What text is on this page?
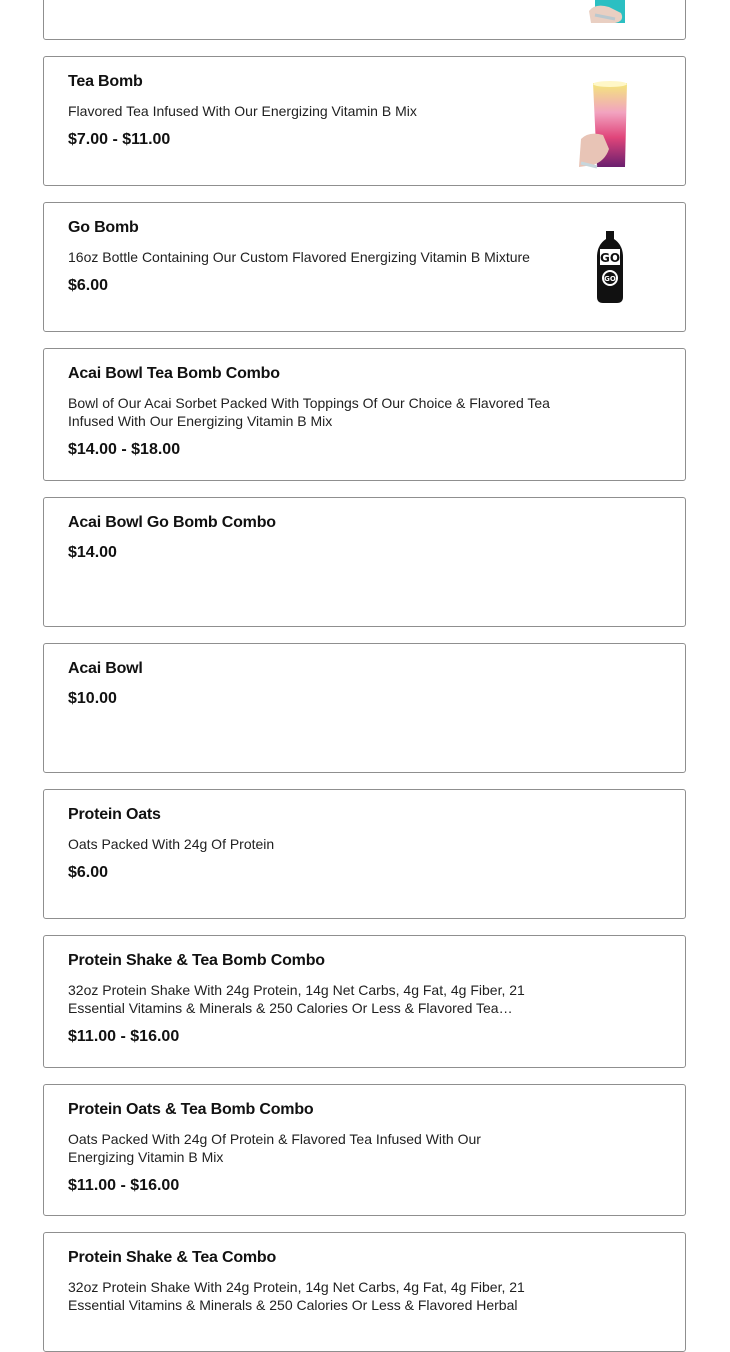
Tea Bomb
Flavored Tea Infused With Our Energizing Vitamin B Mix
$7.00 - $11.00
Go Bomb
16oz Bottle Containing Our Custom Flavored Energizing Vitamin B Mixture
$6.00
GO
GO
Acai Bowl Tea Bomb Combo
Bowl of Our Acai Sorbet Packed With Toppings Of Our Choice & Flavored Tea Infused With Our Energizing Vitamin B Mix
$14.00 - $18.00
Acai Bowl Go Bomb Combo
$14.00
Acai Bowl
$10.00
Protein Oats
Oats Packed With 24g Of Protein
$6.00
Protein Shake & Tea Bomb Combo
32oz Protein Shake With 24g Protein, 14g Net Carbs, 4g Fat, 4g Fiber, 21 Essential Vitamins & Minerals & 250 Calories Or Less & Flavored Tea
$11.00 - $16.00
Protein Oats & Tea Bomb Combo
Oats Packed With 24g Of Protein & Flavored Tea Infused With Our Energizing Vitamin B Mix
$11.00 - $16.00
Protein Shake & Tea Combo
32oz Protein Shake With 24g Protein, 14g Net Carbs, 4g Fat, 4g Fiber, 21 Essential Vitamins & Minerals & 250 Calories Or Less & Flavored Herbal
